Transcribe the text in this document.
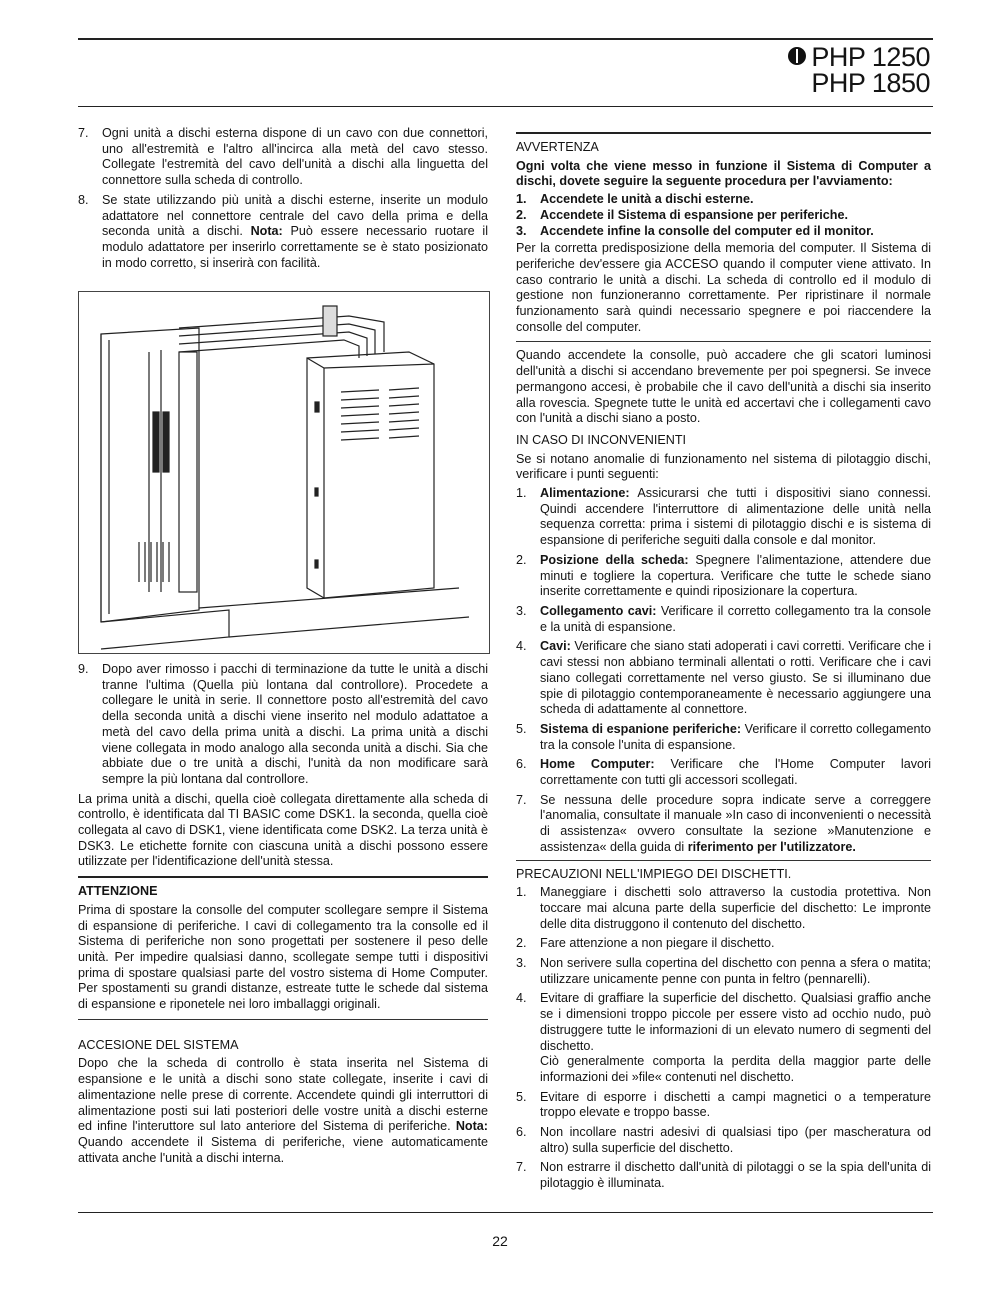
PHP 1250
PHP 1850
7. Ogni unità a dischi esterna dispone di un cavo con due connettori, uno all'estremità e l'altro all'incirca alla metà del cavo stesso. Collegate l'estremità del cavo dell'unità a dischi alla linguetta del connettore sulla scheda di controllo.
8. Se state utilizzando più unità a dischi esterne, inserite un modulo adattatore nel connettore centrale del cavo della prima e della seconda unità a dischi. Nota: Può essere necessario ruotare il modulo adattatore per inserirlo correttamente se è stato posizionato in modo corretto, si inserirà con facilità.
9. Dopo aver rimosso i pacchi di terminazione da tutte le unità a dischi tranne l'ultima (Quella più lontana dal controllore). Procedete a collegare le unità in serie. Il connettore posto all'estremità del cavo della seconda unità a dischi viene inserito nel modulo adattatoe a metà del cavo della prima unità a dischi. La prima unità a dischi viene collegata in modo analogo alla seconda unità a dischi. Sia che abbiate due o tre unità a dischi, l'unità da non modificare sarà sempre la più lontana dal controllore.

La prima unità a dischi, quella cioè collegata direttamente alla scheda di controllo, è identificata dal TI BASIC come DSK1. la seconda, quella cioè collegata al cavo di DSK1, viene identificata come DSK2. La terza unità è DSK3. Le etichette fornite con ciascuna unità a dischi possono essere utilizzate per l'identificazione dell'unità stessa.

ATTENZIONE

Prima di spostare la consolle del computer scollegare sempre il Sistema di espansione di periferiche. I cavi di collegamento tra la consolle ed il Sistema di periferiche non sono progettati per sostenere il peso delle unità. Per impedire qualsiasi danno, scollegate sempe tutti i dispositivi prima di spostare qualsiasi parte del vostro sistema di Home Computer. Per spostamenti su grandi distanze, estreate tutte le schede dal sistema di espansione e riponetele nei loro imballaggi originali.

ACCESIONE DEL SISTEMA

Dopo che la scheda di controllo è stata inserita nel Sistema di espansione e le unità a dischi sono state collegate, inserite i cavi di alimentazione nelle prese di corrente. Accendete quindi gli interruttori di alimentazione posti sui lati posteriori delle vostre unità a dischi esterne ed infine l'interuttore sul lato anteriore del Sistema di periferiche. Nota: Quando accendete il Sistema di periferiche, viene automaticamente attivata anche l'unità a dischi interna.

AVVERTENZA

Ogni volta che viene messo in funzione il Sistema di Computer a dischi, dovete seguire la seguente procedura per l'avviamento:

1. Accendete le unità a dischi esterne.
2. Accendete il Sistema di espansione per periferiche.
3. Accendete infine la consolle del computer ed il monitor.

Per la corretta predisposizione della memoria del computer. Il Sistema di periferiche dev'essere gia ACCESO quando il computer viene attivato. In caso contrario le unità a dischi. La scheda di controllo ed il modulo di gestione non funzioneranno correttamente. Per ripristinare il normale funzionamento sarà quindi necessario spegnere e poi riaccendere la consolle del computer.

Quando accendete la consolle, può accadere che gli scatori luminosi dell'unità a dischi si accendano brevemente per poi spegnersi. Se invece permangono accesi, è probabile che il cavo dell'unità a dischi sia inserito alla rovescia. Spegnete tutte le unità ed accertavi che i collegamenti cavo con l'unità a dischi siano a posto.

IN CASO DI INCONVENIENTI

Se si notano anomalie di funzionamento nel sistema di pilotaggio dischi, verificare i punti seguenti:

1. Alimentazione: Assicurarsi che tutti i dispositivi siano connessi. Quindi accendere l'interruttore di alimentazione delle unità nella sequenza corretta: prima i sistemi di pilotaggio dischi e is sistema di espansione di periferiche seguiti dalla console e dal monitor.
2. Posizione della scheda: Spegnere l'alimentazione, attendere due minuti e togliere la copertura. Verificare che tutte le schede siano inserite correttamente e quindi riposizionare la copertura.
3. Collegamento cavi: Verificare il corretto collegamento tra la console e la unità di espansione.
4. Cavi: Verificare che siano stati adoperati i cavi corretti. Verificare che i cavi stessi non abbiano terminali allentati o rotti. Verificare che i cavi siano collegati correttamente nel verso giusto. Se si illuminano due spie di pilotaggio contemporaneamente è necessario aggiungere una scheda di adattamente al connettore.
5. Sistema di espanione periferiche: Verificare il corretto collegamento tra la console l'unita di espansione.
6. Home Computer: Verificare che l'Home Computer lavori correttamente con tutti gli accessori scollegati.
7. Se nessuna delle procedure sopra indicate serve a correggere l'anomalia, consultate il manuale »In caso di inconvenienti o necessità di assistenza« ovvero consultate la sezione »Manutenzione e assistenza« della guida di riferimento per l'utilizzatore.
PRECAUZIONI NELL'IMPIEGO DEI DISCHETTI.
1. Maneggiare i dischetti solo attraverso la custodia protettiva. Non toccare mai alcuna parte della superficie del dischetto: Le impronte delle dita distruggono il contenuto del dischetto.
2. Fare attenzione a non piegare il dischetto.
3. Non serivere sulla copertina del dischetto con penna a sfera o matita; utilizzare unicamente penne con punta in feltro (pennarelli).
4. Evitare di graffiare la superficie del dischetto. Qualsiasi graffio anche se i dimensioni troppo piccole per essere visto ad occhio nudo, può distruggere tutte le informazioni di un elevato numero di segmenti del dischetto.
Ciò generalmente comporta la perdita della maggior parte delle informazioni dei »file« contenuti nel dischetto.
5. Evitare di esporre i dischetti a campi magnetici o a temperature troppo elevate e troppo basse.
6. Non incollare nastri adesivi di qualsiasi tipo (per mascheratura od altro) sulla superficie del dischetto.
7. Non estrarre il dischetto dall'unità di pilotaggi o se la spia dell'unita di pilotaggio è illuminata.
22
